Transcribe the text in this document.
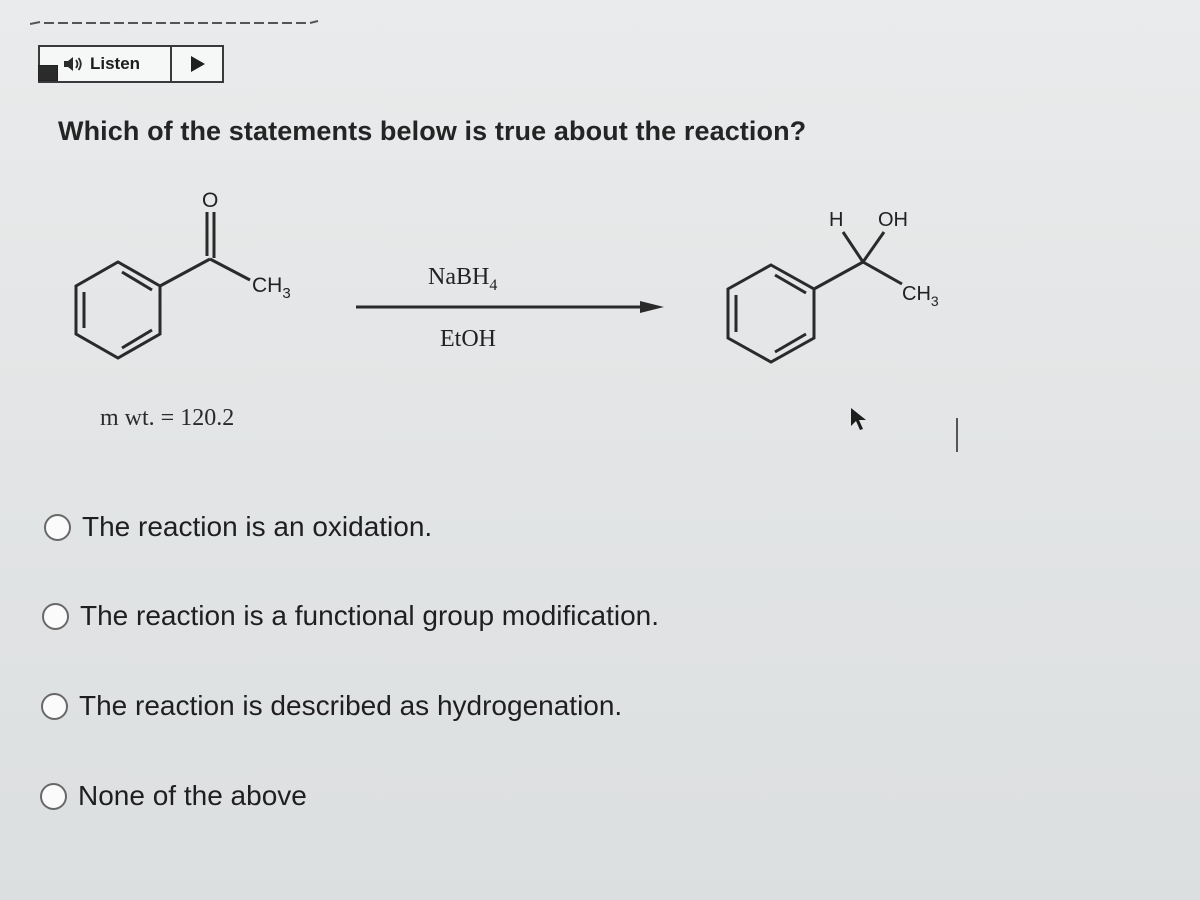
Listen
Which of the statements below is true about the reaction?
O
$CH_3$
NaBH$_4$
EtOH
H OH
$CH_3$
m wt. = 120.2
The reaction is an oxidation.
The reaction is a functional group modification.
The reaction is described as hydrogenation.
None of the above
